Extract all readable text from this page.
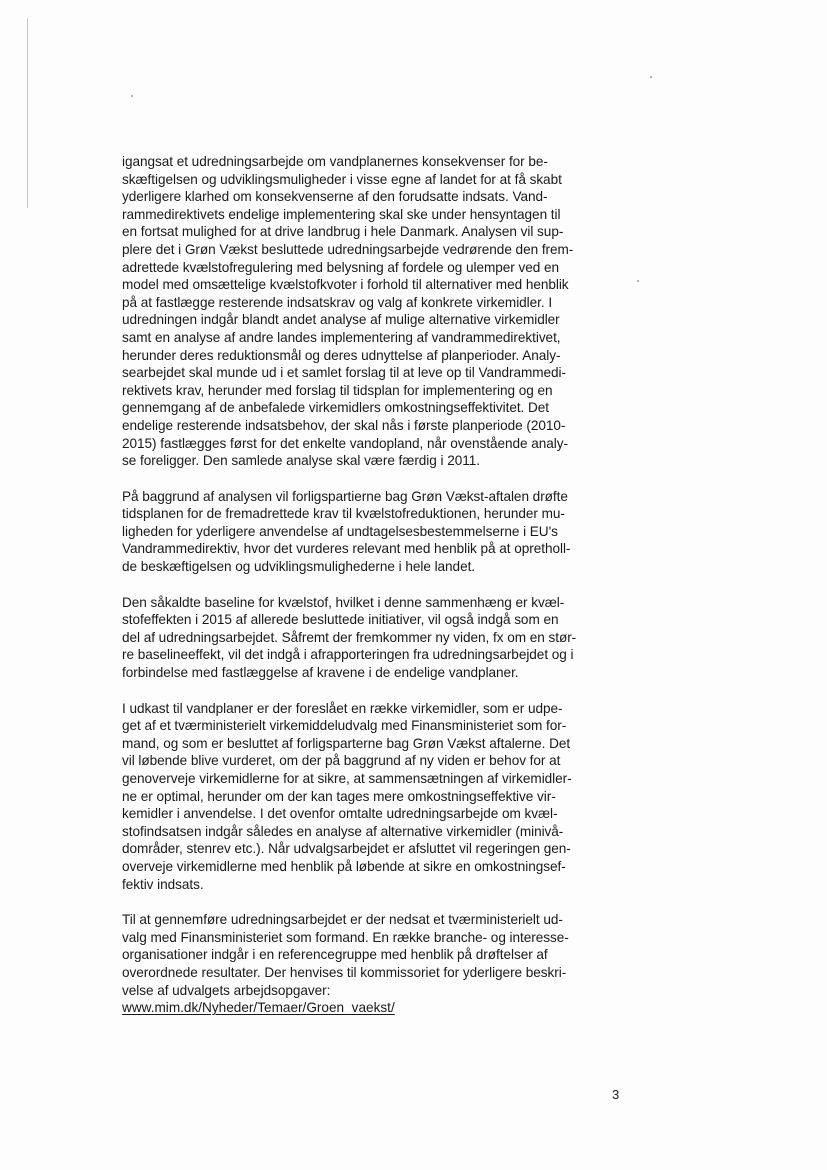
igangsat et udredningsarbejde om vandplanernes konsekvenser for be-
skæftigelsen og udviklingsmuligheder i visse egne af landet for at få skabt
yderligere klarhed om konsekvenserne af den forudsatte indsats. Vand-
rammedirektivets endelige implementering skal ske under hensyntagen til
en fortsat mulighed for at drive landbrug i hele Danmark. Analysen vil sup-
plere det i Grøn Vækst besluttede udredningsarbejde vedrørende den frem-
adrettede kvælstofregulering med belysning af fordele og ulemper ved en
model med omsættelige kvælstofkvoter i forhold til alternativer med henblik
på at fastlægge resterende indsatskrav og valg af konkrete virkemidler. I
udredningen indgår blandt andet analyse af mulige alternative virkemidler
samt en analyse af andre landes implementering af vandrammedirektivet,
herunder deres reduktionsmål og deres udnyttelse af planperioder. Analy-
searbejdet skal munde ud i et samlet forslag til at leve op til Vandrammedi-
rektivets krav, herunder med forslag til tidsplan for implementering og en
gennemgang af de anbefalede virkemidlers omkostningseffektivitet. Det
endelige resterende indsatsbehov, der skal nås i første planperiode (2010-
2015) fastlægges først for det enkelte vandopland, når ovenstående analy-
se foreligger. Den samlede analyse skal være færdig i 2011.

På baggrund af analysen vil forligspartierne bag Grøn Vækst-aftalen drøfte
tidsplanen for de fremadrettede krav til kvælstofreduktionen, herunder mu-
ligheden for yderligere anvendelse af undtagelsesbestemmelserne i EU's
Vandrammedirektiv, hvor det vurderes relevant med henblik på at opretholl-
de beskæftigelsen og udviklingsmulighederne i hele landet.

Den såkaldte baseline for kvælstof, hvilket i denne sammenhæng er kvæl-
stofeffekten i 2015 af allerede besluttede initiativer, vil også indgå som en
del af udredningsarbejdet. Såfremt der fremkommer ny viden, fx om en stør-
re baselineeffekt, vil det indgå i afrapporteringen fra udredningsarbejdet og i
forbindelse med fastlæggelse af kravene i de endelige vandplaner.

I udkast til vandplaner er der foreslået en række virkemidler, som er udpe-
get af et tværministerielt virkemiddeludvalg med Finansministeriet som for-
mand, og som er besluttet af forligsparterne bag Grøn Vækst aftalerne. Det
vil løbende blive vurderet, om der på baggrund af ny viden er behov for at
genoverveje virkemidlerne for at sikre, at sammensætningen af virkemidler-
ne er optimal, herunder om der kan tages mere omkostningseffektive vir-
kemidler i anvendelse. I det ovenfor omtalte udredningsarbejde om kvæl-
stofindsatsen indgår således en analyse af alternative virkemidler (minivå-
dområder, stenrev etc.). Når udvalgsarbejdet er afsluttet vil regeringen gen-
overveje virkemidlerne med henblik på løbende at sikre en omkostningsef-
fektiv indsats.

Til at gennemføre udredningsarbejdet er der nedsat et tværministerielt ud-
valg med Finansministeriet som formand. En række branche- og interesse-
organisationer indgår i en referencegruppe med henblik på drøftelser af
overordnede resultater. Der henvises til kommissoriet for yderligere beskri-
velse af udvalgets arbejdsopgaver:

www.mim.dk/Nyheder/Temaer/Groen_vaekst/
3
